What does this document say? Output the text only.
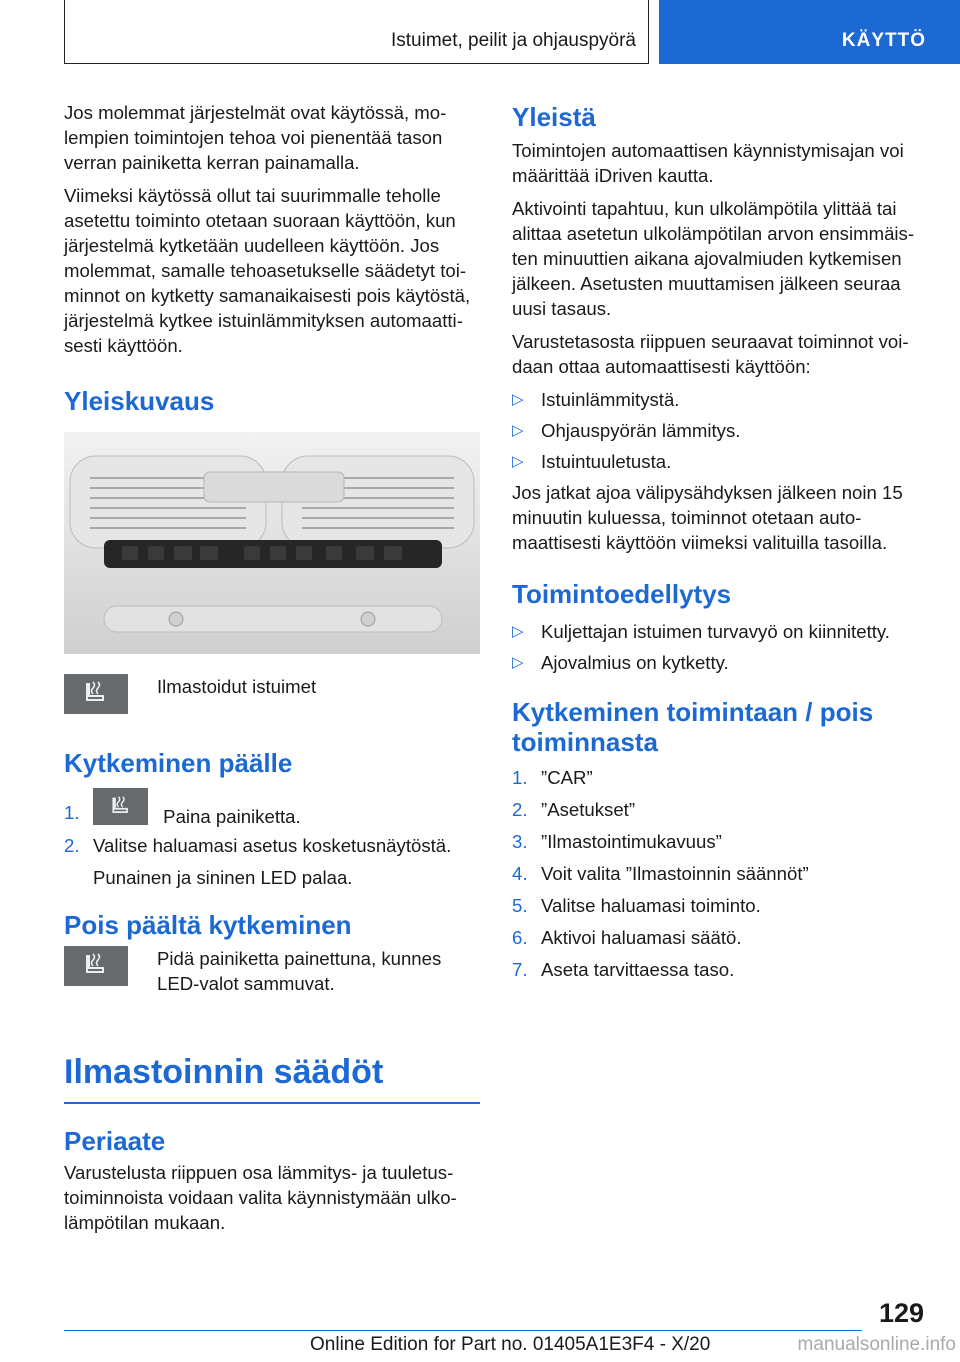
Istuimet, peilit ja ohjauspyörä	KÄYTTÖ

Jos molemmat järjestelmät ovat käytössä, molempien toimintojen tehoa voi pienentää tason verran painiketta kerran painamalla.

Viimeksi käytössä ollut tai suurimmalle teholle asetettu toiminto otetaan suoraan käyttöön, kun järjestelmä kytketään uudelleen käyttöön. Jos molemmat, samalle tehoasetukselle säädetyt toiminnot on kytketty samanaikaisesti pois käytöstä, järjestelmä kytkee istuinlämmityksen automaattisesti käyttöön.

Yleiskuvaus
Ilmastoidut istuimet
Kytkeminen päälle
1.	Paina painiketta.
2. Valitse haluamasi asetus kosketusnäytöstä.

Punainen ja sininen LED palaa.

Pois päältä kytkeminen

Pidä painiketta painettuna, kunnes LED-valot sammuvat.

Ilmastoinnin säädöt
Periaate

Varustelusta riippuen osa lämmitys- ja tuuletustoiminnoista voidaan valita käynnistymään ulkolämpötilan mukaan.

Yleistä

Toimintojen automaattisen käynnistymisajan voi määrittää iDriven kautta.

Aktivointi tapahtuu, kun ulkolämpötila ylittää tai alittaa asetetun ulkolämpötilan arvon ensimmäisten minuuttien aikana ajovalmiuden kytkemisen jälkeen. Asetusten muuttamisen jälkeen seuraa uusi tasaus.

Varustetasosta riippuen seuraavat toiminnot voidaan ottaa automaattisesti käyttöön:

▷ Istuinlämmitystä.
▷ Ohjauspyörän lämmitys.
▷ Istuintuuletusta.

Jos jatkat ajoa välipysähdyksen jälkeen noin 15 minuutin kuluessa, toiminnot otetaan automaattisesti käyttöön viimeksi valituilla tasoilla.

Toimintoedellytys
▷ Kuljettajan istuimen turvavyö on kiinnitetty.
▷ Ajovalmius on kytketty.
Kytkeminen toimintaan / pois toiminnasta
1. ”CAR”
2. ”Asetukset”
3. ”Ilmastointimukavuus”
4. Voit valita ”Ilmastoinnin säännöt”
5. Valitse haluamasi toiminto.
6. Aktivoi haluamasi säätö.
7. Aseta tarvittaessa taso.
129
Online Edition for Part no. 01405A1E3F4 - X/20	manualsonline.info
